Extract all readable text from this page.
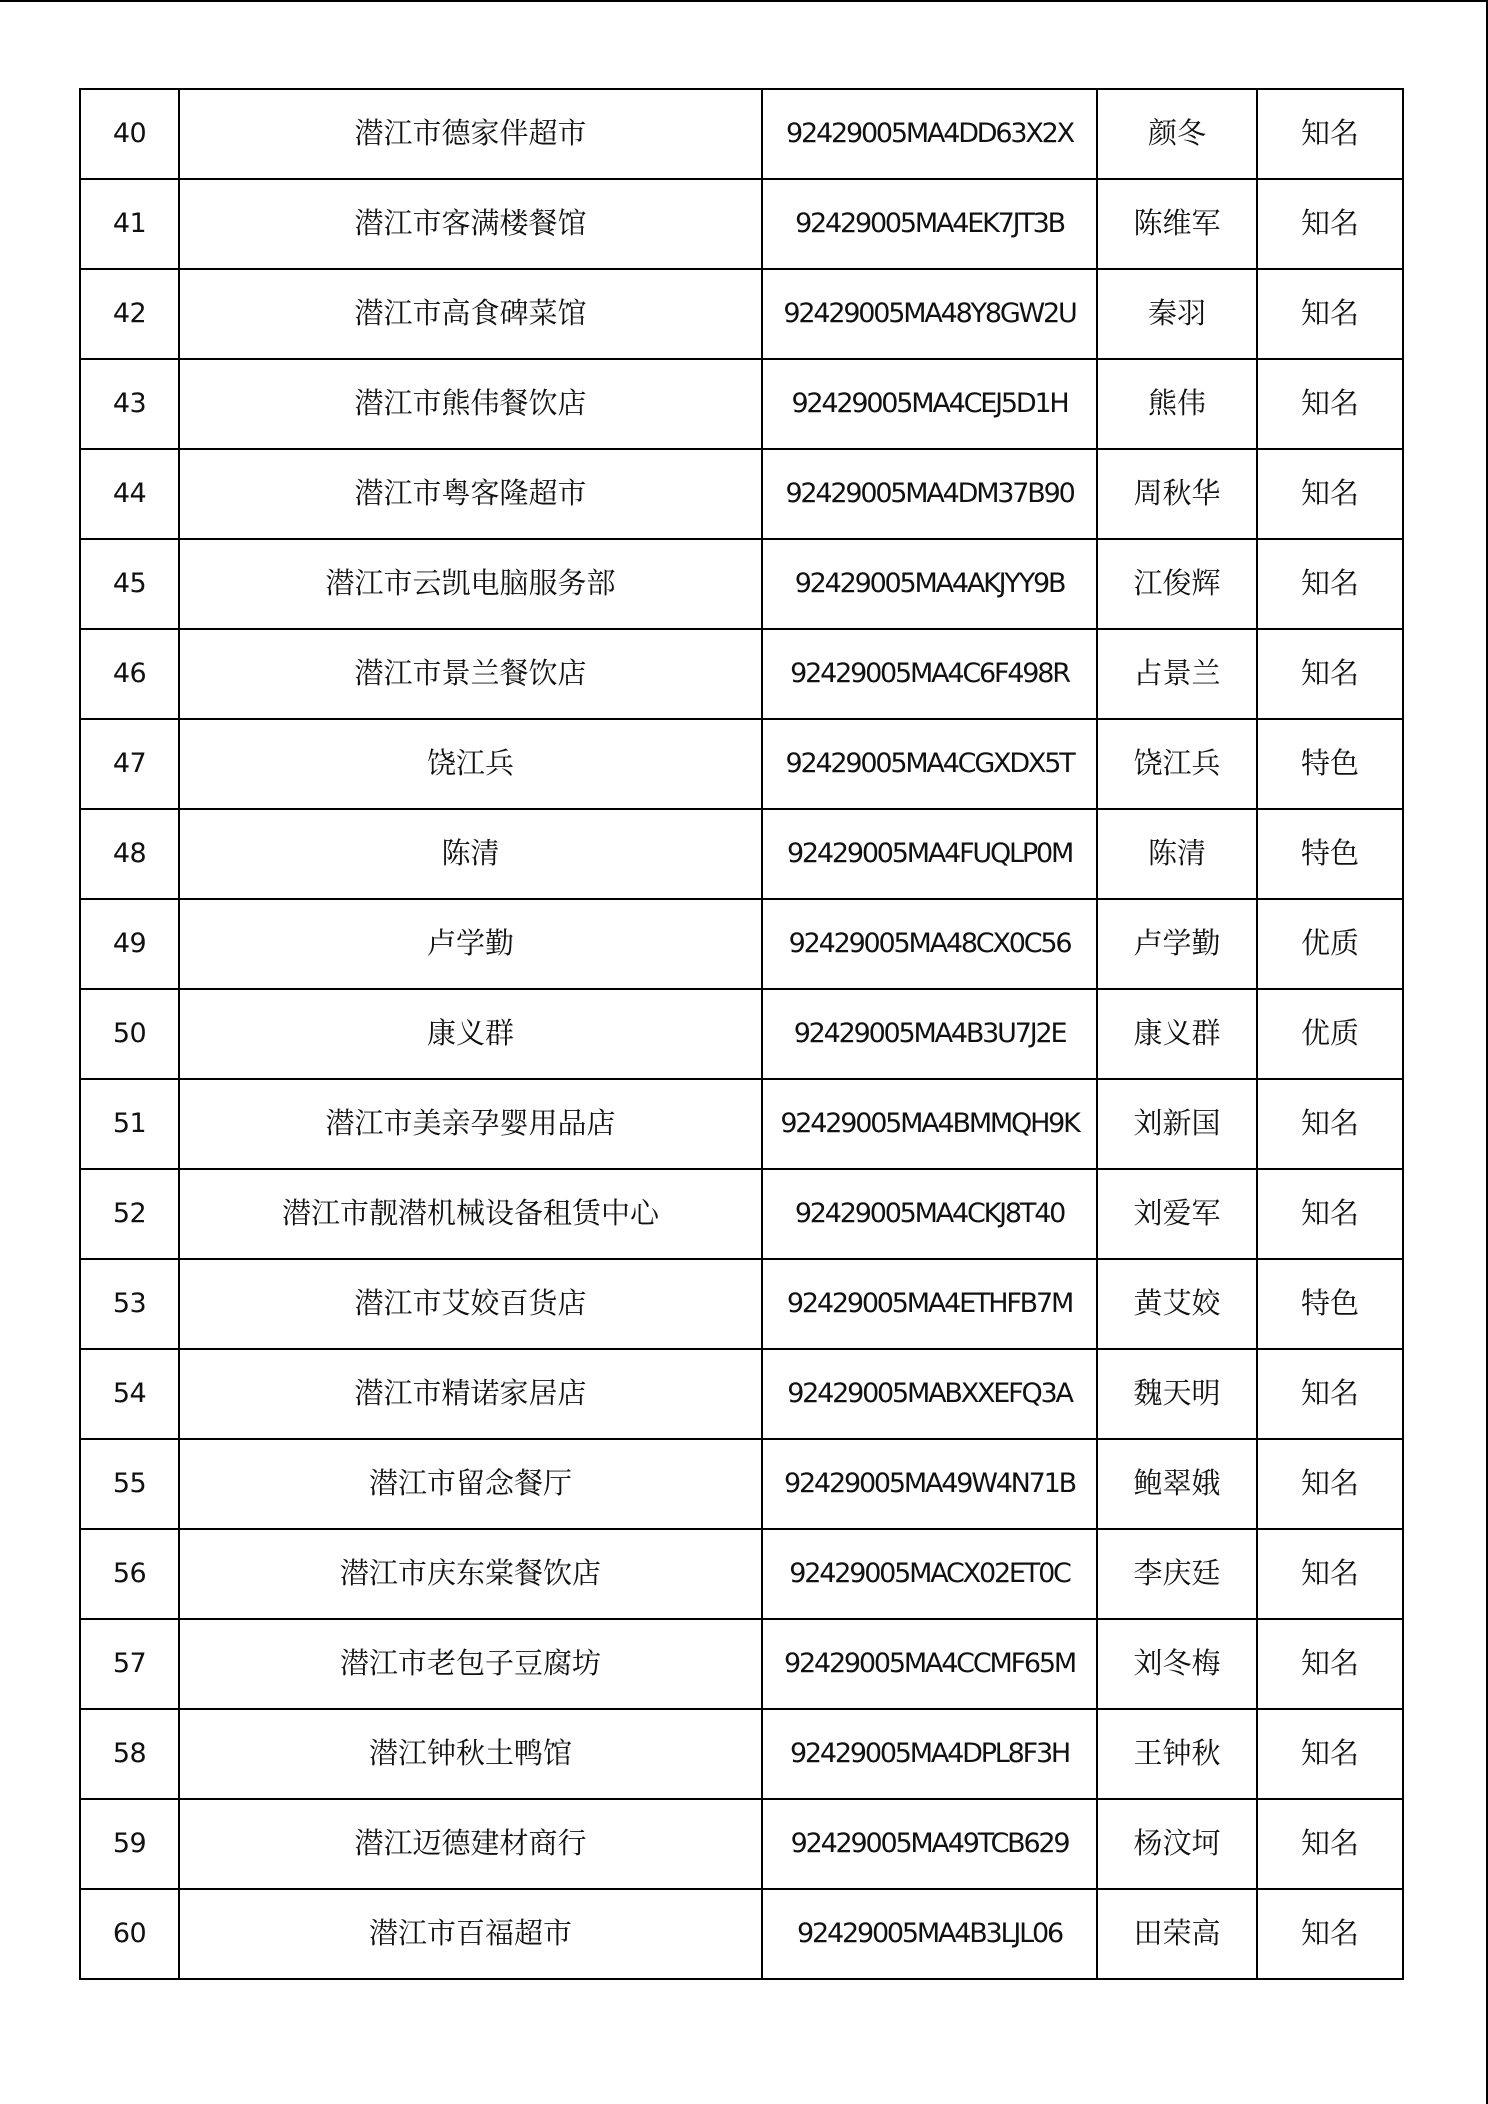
40	潜江市德家伴超市	92429005MA4DD63X2X	颜冬	知名
41	潜江市客满楼餐馆	92429005MA4EK7JT3B	陈维军	知名
42	潜江市高食碑菜馆	92429005MA48Y8GW2U	秦羽	知名
43	潜江市熊伟餐饮店	92429005MA4CEJ5D1H	熊伟	知名
44	潜江市粤客隆超市	92429005MA4DM37B90	周秋华	知名
45	潜江市云凯电脑服务部	92429005MA4AKJYY9B	江俊辉	知名
46	潜江市景兰餐饮店	92429005MA4C6F498R	占景兰	知名
47	饶江兵	92429005MA4CGXDX5T	饶江兵	特色
48	陈清	92429005MA4FUQLP0M	陈清	特色
49	卢学勤	92429005MA48CX0C56	卢学勤	优质
50	康义群	92429005MA4B3U7J2E	康义群	优质
51	潜江市美亲孕婴用品店	92429005MA4BMMQH9K	刘新国	知名
52	潜江市靓潜机械设备租赁中心	92429005MA4CKJ8T40	刘爱军	知名
53	潜江市艾姣百货店	92429005MA4ETHFB7M	黄艾姣	特色
54	潜江市精诺家居店	92429005MABXXEFQ3A	魏天明	知名
55	潜江市留念餐厅	92429005MA49W4N71B	鲍翠娥	知名
56	潜江市庆东棠餐饮店	92429005MACX02ET0C	李庆廷	知名
57	潜江市老包子豆腐坊	92429005MA4CCMF65M	刘冬梅	知名
58	潜江钟秋土鸭馆	92429005MA4DPL8F3H	王钟秋	知名
59	潜江迈德建材商行	92429005MA49TCB629	杨汶坷	知名
60	潜江市百福超市	92429005MA4B3LJL06	田荣高	知名
